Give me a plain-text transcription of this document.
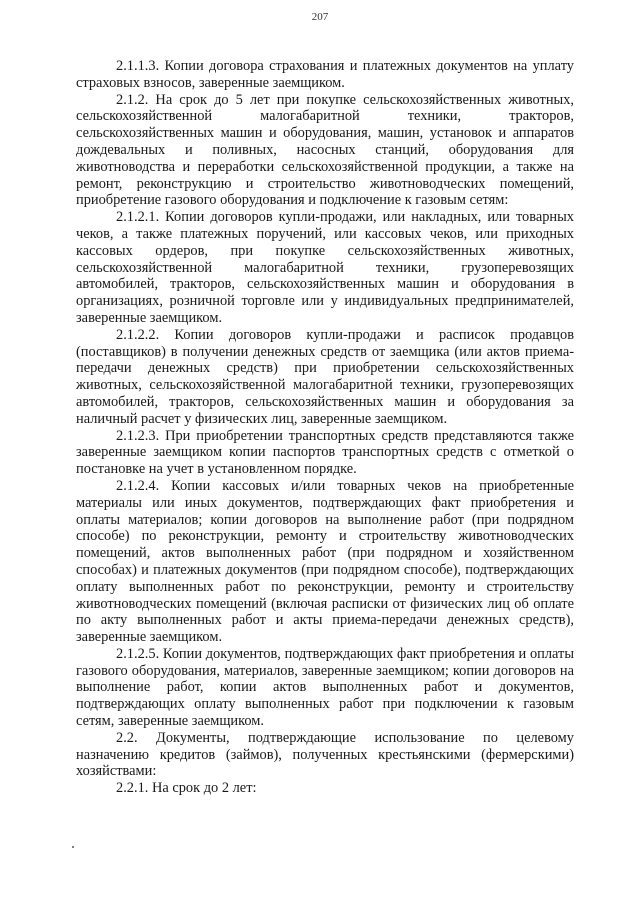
207

2.1.1.3. Копии договора страхования и платежных документов на уплату страховых взносов, заверенные заемщиком.

2.1.2. На срок до 5 лет при покупке сельскохозяйственных животных, сельскохозяйственной малогабаритной техники, тракторов, сельскохозяйственных машин и оборудования, машин, установок и аппаратов дождевальных и поливных, насосных станций, оборудования для животноводства и переработки сельскохозяйственной продукции, а также на ремонт, реконструкцию и строительство животноводческих помещений, приобретение газового оборудования и подключение к газовым сетям:

2.1.2.1. Копии договоров купли-продажи, или накладных, или товарных чеков, а также платежных поручений, или кассовых чеков, или приходных кассовых ордеров, при покупке сельскохозяйственных животных, сельскохозяйственной малогабаритной техники, грузоперевозящих автомобилей, тракторов, сельскохозяйственных машин и оборудования в организациях, розничной торговле или у индивидуальных предпринимателей, заверенные заемщиком.

2.1.2.2. Копии договоров купли-продажи и расписок продавцов (поставщиков) в получении денежных средств от заемщика (или актов приема-передачи денежных средств) при приобретении сельскохозяйственных животных, сельскохозяйственной малогабаритной техники, грузоперевозящих автомобилей, тракторов, сельскохозяйственных машин и оборудования за наличный расчет у физических лиц, заверенные заемщиком.

2.1.2.3. При приобретении транспортных средств представляются также заверенные заемщиком копии паспортов транспортных средств с отметкой о постановке на учет в установленном порядке.

2.1.2.4. Копии кассовых и/или товарных чеков на приобретенные материалы или иных документов, подтверждающих факт приобретения и оплаты материалов; копии договоров на выполнение работ (при подрядном способе) по реконструкции, ремонту и строительству животноводческих помещений, актов выполненных работ (при подрядном и хозяйственном способах) и платежных документов (при подрядном способе), подтверждающих оплату выполненных работ по реконструкции, ремонту и строительству животноводческих помещений (включая расписки от физических лиц об оплате по акту выполненных работ и акты приема-передачи денежных средств), заверенные заемщиком.

2.1.2.5. Копии документов, подтверждающих факт приобретения и оплаты газового оборудования, материалов, заверенные заемщиком; копии договоров на выполнение работ, копии актов выполненных работ и документов, подтверждающих оплату выполненных работ при подключении к газовым сетям, заверенные заемщиком.

2.2. Документы, подтверждающие использование по целевому назначению кредитов (займов), полученных крестьянскими (фермерскими) хозяйствами:

2.2.1. На срок до 2 лет:
